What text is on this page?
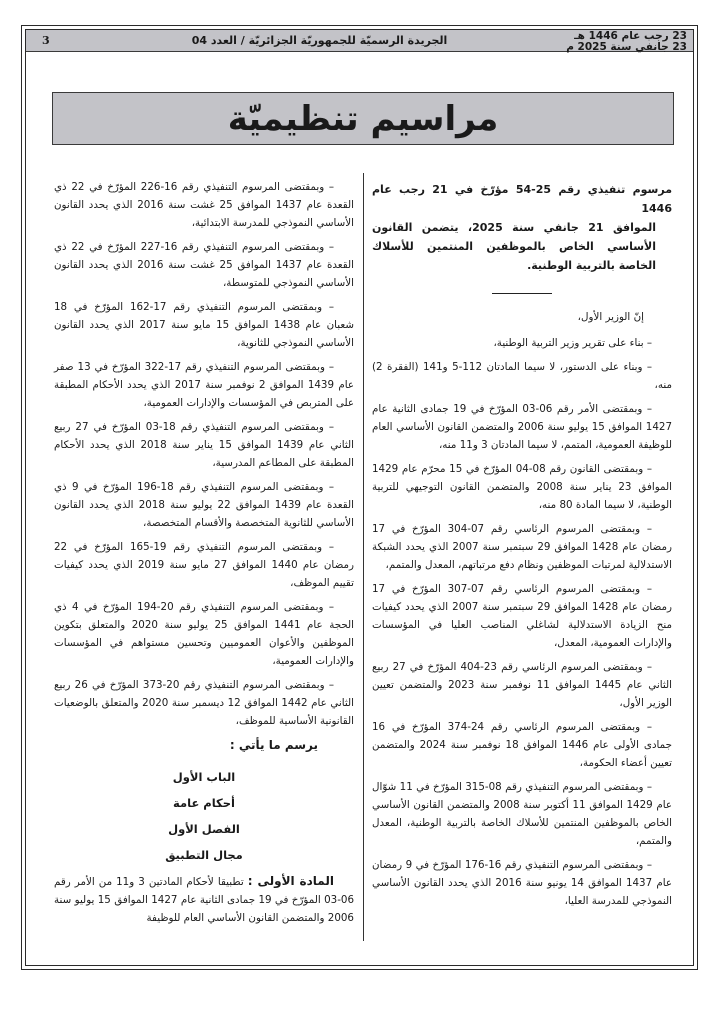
23 رجب عام 1446 هـ
23 جانفي سنة 2025 م
الجريدة الرسميّة للجمهوريّة الجزائريّة / العدد 04
3
مراسيم تنظيميّة

مرسوم تنفيذي رقم 25-54 مؤرّخ في 21 رجب عام 1446
الموافق 21 جانفي سنة 2025، يتضمن القانون الأساسي الخاص بالموظفين المنتمين للأسلاك الخاصة بالتربية الوطنية.

إنّ الوزير الأول،

– بناء على تقرير وزير التربية الوطنية،

– وبناء على الدستور، لا سيما المادتان 112-5 و141 (الفقرة 2) منه،

– وبمقتضى الأمر رقم 06-03 المؤرّخ في 19 جمادى الثانية عام 1427 الموافق 15 يوليو سنة 2006 والمتضمن القانون الأساسي العام للوظيفة العمومية، المتمم، لا سيما المادتان 3 و11 منه،

– وبمقتضى القانون رقم 08-04 المؤرّخ في 15 محرّم عام 1429 الموافق 23 يناير سنة 2008 والمتضمن القانون التوجيهي للتربية الوطنية، لا سيما المادة 80 منه،

– وبمقتضى المرسوم الرئاسي رقم 07-304 المؤرّخ في 17 رمضان عام 1428 الموافق 29 سبتمبر سنة 2007 الذي يحدد الشبكة الاستدلالية لمرتبات الموظفين ونظام دفع مرتباتهم، المعدل والمتمم،

– وبمقتضى المرسوم الرئاسي رقم 07-307 المؤرّخ في 17 رمضان عام 1428 الموافق 29 سبتمبر سنة 2007 الذي يحدد كيفيات منح الزيادة الاستدلالية لشاغلي المناصب العليا في المؤسسات والإدارات العمومية، المعدل،

– وبمقتضى المرسوم الرئاسي رقم 23-404 المؤرّخ في 27 ربيع الثاني عام 1445 الموافق 11 نوفمبر سنة 2023 والمتضمن تعيين الوزير الأول،

– وبمقتضى المرسوم الرئاسي رقم 24-374 المؤرّخ في 16 جمادى الأولى عام 1446 الموافق 18 نوفمبر سنة 2024 والمتضمن تعيين أعضاء الحكومة،

– وبمقتضى المرسوم التنفيذي رقم 08-315 المؤرّخ في 11 شوّال عام 1429 الموافق 11 أكتوبر سنة 2008 والمتضمن القانون الأساسي الخاص بالموظفين المنتمين للأسلاك الخاصة بالتربية الوطنية، المعدل والمتمم،

– وبمقتضى المرسوم التنفيذي رقم 16-176 المؤرّخ في 9 رمضان عام 1437 الموافق 14 يونيو سنة 2016 الذي يحدد القانون الأساسي النموذجي للمدرسة العليا،

– وبمقتضى المرسوم التنفيذي رقم 16-226 المؤرّخ في 22 ذي القعدة عام 1437 الموافق 25 غشت سنة 2016 الذي يحدد القانون الأساسي النموذجي للمدرسة الابتدائية،

– وبمقتضى المرسوم التنفيذي رقم 16-227 المؤرّخ في 22 ذي القعدة عام 1437 الموافق 25 غشت سنة 2016 الذي يحدد القانون الأساسي النموذجي للمتوسطة،

– وبمقتضى المرسوم التنفيذي رقم 17-162 المؤرّخ في 18 شعبان عام 1438 الموافق 15 مايو سنة 2017 الذي يحدد القانون الأساسي النموذجي للثانوية،

– وبمقتضى المرسوم التنفيذي رقم 17-322 المؤرّخ في 13 صفر عام 1439 الموافق 2 نوفمبر سنة 2017 الذي يحدد الأحكام المطبقة على المتربص في المؤسسات والإدارات العمومية،

– وبمقتضى المرسوم التنفيذي رقم 18-03 المؤرّخ في 27 ربيع الثاني عام 1439 الموافق 15 يناير سنة 2018 الذي يحدد الأحكام المطبقة على المطاعم المدرسية،

– وبمقتضى المرسوم التنفيذي رقم 18-196 المؤرّخ في 9 ذي القعدة عام 1439 الموافق 22 يوليو سنة 2018 الذي يحدد القانون الأساسي للثانوية المتخصصة والأقسام المتخصصة،

– وبمقتضى المرسوم التنفيذي رقم 19-165 المؤرّخ في 22 رمضان عام 1440 الموافق 27 مايو سنة 2019 الذي يحدد كيفيات تقييم الموظف،

– وبمقتضى المرسوم التنفيذي رقم 20-194 المؤرّخ في 4 ذي الحجة عام 1441 الموافق 25 يوليو سنة 2020 والمتعلق بتكوين الموظفين والأعوان العموميين وتحسين مستواهم في المؤسسات والإدارات العمومية،

– وبمقتضى المرسوم التنفيذي رقم 20-373 المؤرّخ في 26 ربيع الثاني عام 1442 الموافق 12 ديسمبر سنة 2020 والمتعلق بالوضعيات القانونية الأساسية للموظف،

يرسم ما يأتي :

الباب الأول

أحكام عامة

الفصل الأول

مجال التطبيق

المادة الأولى : تطبيقا لأحكام المادتين 3 و11 من الأمر رقم 06-03 المؤرّخ في 19 جمادى الثانية عام 1427 الموافق 15 يوليو سنة 2006 والمتضمن القانون الأساسي العام للوظيفة
